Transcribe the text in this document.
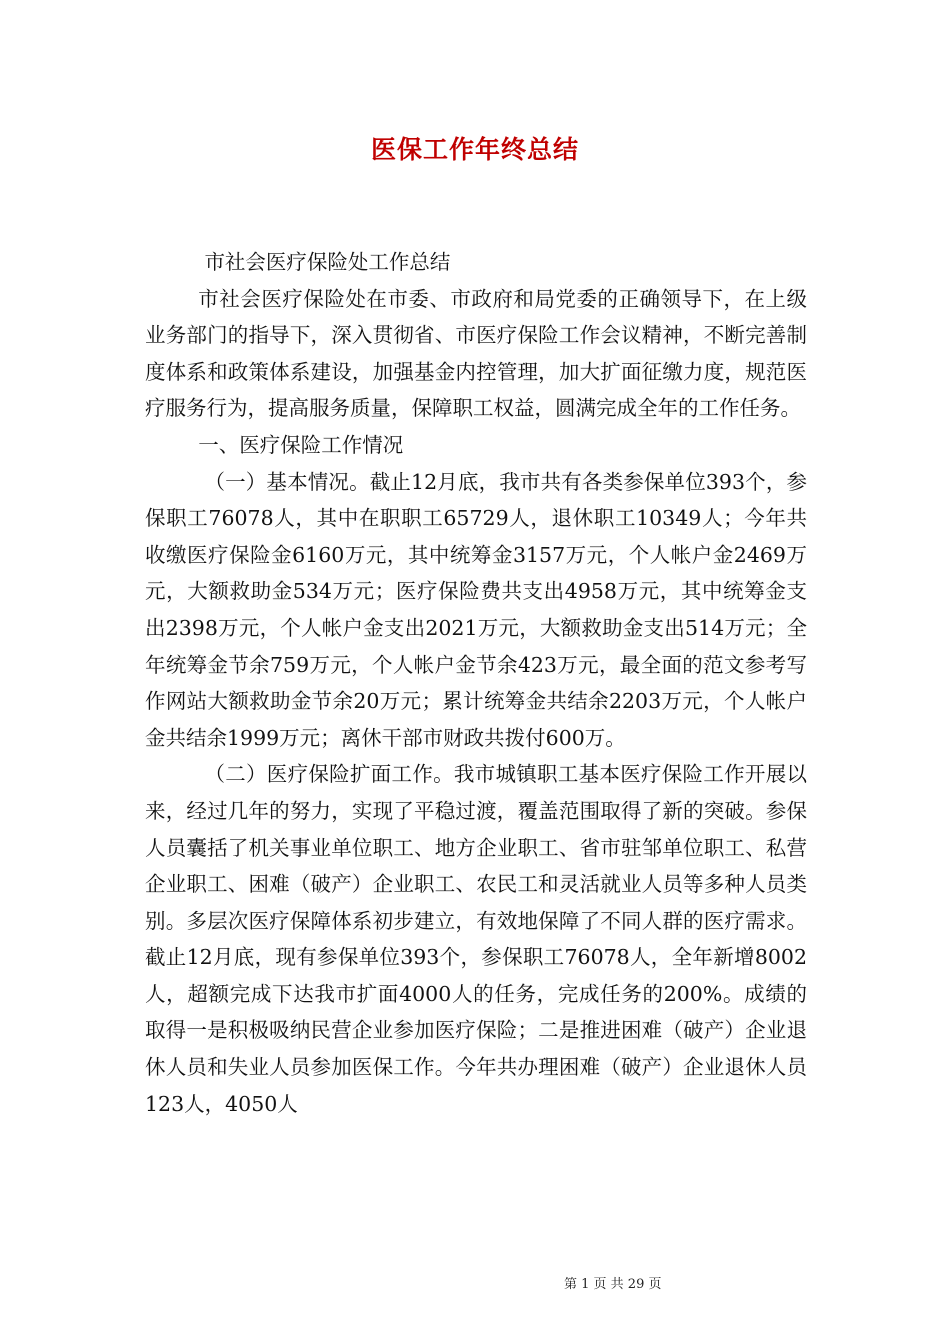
医保工作年终总结

市社会医疗保险处工作总结

市社会医疗保险处在市委、市政府和局党委的正确领导下，在上级业务部门的指导下，深入贯彻省、市医疗保险工作会议精神，不断完善制度体系和政策体系建设，加强基金内控管理，加大扩面征缴力度，规范医疗服务行为，提高服务质量，保障职工权益，圆满完成全年的工作任务。

一、医疗保险工作情况

（一）基本情况。截止12月底，我市共有各类参保单位393个，参保职工76078人，其中在职职工65729人，退休职工10349人；今年共收缴医疗保险金6160万元，其中统筹金3157万元，个人帐户金2469万元，大额救助金534万元；医疗保险费共支出4958万元，其中统筹金支出2398万元，个人帐户金支出2021万元，大额救助金支出514万元；全年统筹金节余759万元，个人帐户金节余423万元，最全面的范文参考写作网站大额救助金节余20万元；累计统筹金共结余2203万元，个人帐户金共结余1999万元；离休干部市财政共拨付600万。

（二）医疗保险扩面工作。我市城镇职工基本医疗保险工作开展以来，经过几年的努力，实现了平稳过渡，覆盖范围取得了新的突破。参保人员囊括了机关事业单位职工、地方企业职工、省市驻邹单位职工、私营企业职工、困难（破产）企业职工、农民工和灵活就业人员等多种人员类别。多层次医疗保障体系初步建立，有效地保障了不同人群的医疗需求。截止12月底，现有参保单位393个，参保职工76078人，全年新增8002人，超额完成下达我市扩面4000人的任务，完成任务的200%。成绩的取得一是积极吸纳民营企业参加医疗保险；二是推进困难（破产）企业退休人员和失业人员参加医保工作。今年共办理困难（破产）企业退休人员123人，4050人

第 1 页 共 29 页
